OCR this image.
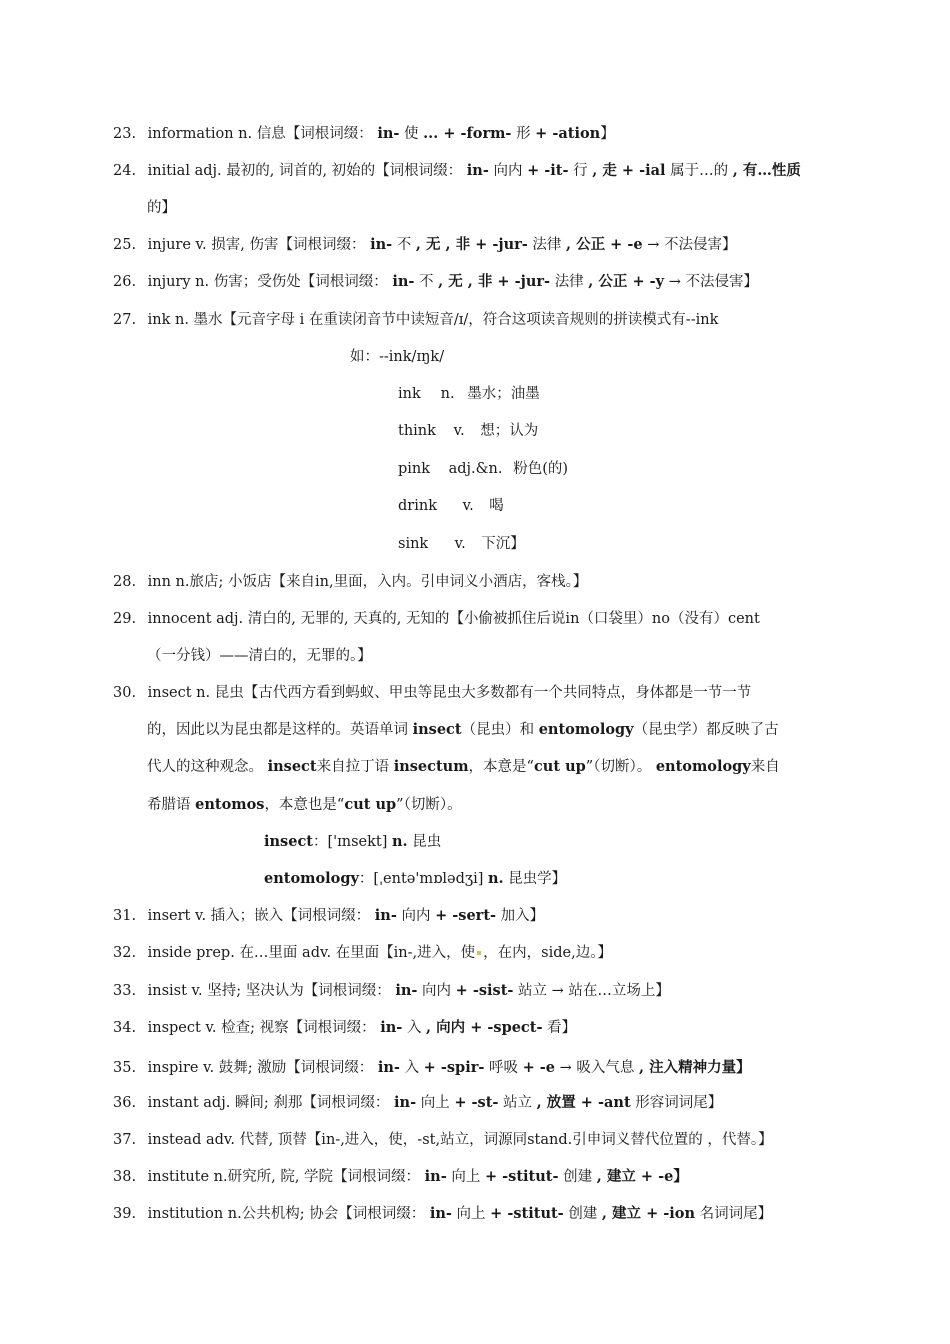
23. information n. 信息【词根词缀： in- 使 ... + -form- 形 + -ation】
24. initial adj. 最初的, 词首的, 初始的【词根词缀： in- 向内 + -it- 行 , 走 + -ial 属于…的 , 有…性质
的】
25. injure v. 损害, 伤害【词根词缀： in- 不 , 无 , 非 + -jur- 法律 , 公正 + -e → 不法侵害】
26. injury n. 伤害；受伤处【词根词缀： in- 不 , 无 , 非 + -jur- 法律 , 公正 + -y → 不法侵害】
27. ink n. 墨水【元音字母 i 在重读闭音节中读短音/ɪ/，符合这项读音规则的拼读模式有--ink
如：--ink/ɪŋk/
ink n. 墨水；油墨
think v. 想；认为
pink adj.&n. 粉色(的)
drink v. 喝
sink v. 下沉】
28. inn n.旅店; 小饭店【来自in,里面，入内。引申词义小酒店，客栈。】
29. innocent adj. 清白的, 无罪的, 天真的, 无知的【小偷被抓住后说in（口袋里）no（没有）cent
（一分钱）——清白的，无罪的。】
30. insect n. 昆虫【古代西方看到蚂蚁、甲虫等昆虫大多数都有一个共同特点，身体都是一节一节
的，因此以为昆虫都是这样的。英语单词 insect（昆虫）和 entomology（昆虫学）都反映了古
代人的这种观念。 insect来自拉丁语 insectum，本意是“cut up”（切断）。 entomology来自
希腊语 entomos，本意也是“cut up”（切断）。
insect：['ɪnsekt] n. 昆虫
entomology：[ˌentə'mɒlədʒi] n. 昆虫学】
31. insert v. 插入；嵌入【词根词缀： in- 向内 + -sert- 加入】
32. inside prep. 在…里面 adv. 在里面【in-,进入，使 ，在内，side,边。】
33. insist v. 坚持; 坚决认为【词根词缀： in- 向内 + -sist- 站立 → 站在…立场上】
34. inspect v. 检查; 视察【词根词缀： in- 入 , 向内 + -spect- 看】
35. inspire v. 鼓舞; 激励【词根词缀： in- 入 + -spir- 呼吸 + -e → 吸入气息 , 注入精神力量】
36. instant adj. 瞬间; 刹那【词根词缀： in- 向上 + -st- 站立 , 放置 + -ant 形容词词尾】
37. instead adv. 代替, 顶替【in-,进入，使，-st,站立，词源同stand.引申词义替代位置的 ，代替。】
38. institute n.研究所, 院, 学院【词根词缀： in- 向上 + -stitut- 创建 , 建立 + -e】
39. institution n.公共机构; 协会【词根词缀： in- 向上 + -stitut- 创建 , 建立 + -ion 名词词尾】
